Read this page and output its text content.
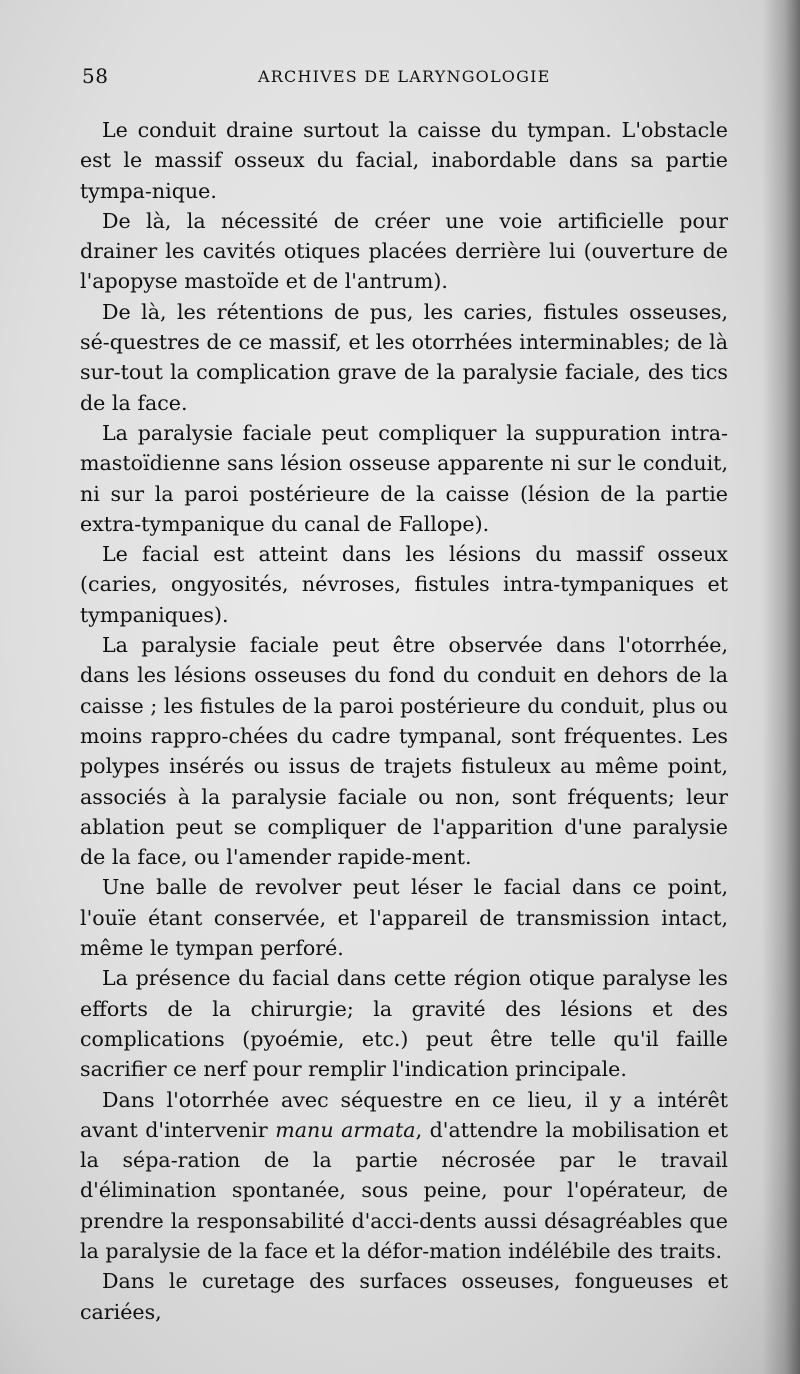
58	ARCHIVES DE LARYNGOLOGIE

Le conduit draine surtout la caisse du tympan. L'obstacle est le massif osseux du facial, inabordable dans sa partie tympa-nique.

De là, la nécessité de créer une voie artificielle pour drainer les cavités otiques placées derrière lui (ouverture de l'apopyse mastoïde et de l'antrum).

De là, les rétentions de pus, les caries, fistules osseuses, sé-questres de ce massif, et les otorrhées interminables; de là sur-tout la complication grave de la paralysie faciale, des tics de la face.

La paralysie faciale peut compliquer la suppuration intra-mastoïdienne sans lésion osseuse apparente ni sur le conduit, ni sur la paroi postérieure de la caisse (lésion de la partie extra-tympanique du canal de Fallope).

Le facial est atteint dans les lésions du massif osseux (caries, ongyosités, névroses, fistules intra-tympaniques et tympaniques).

La paralysie faciale peut être observée dans l'otorrhée, dans les lésions osseuses du fond du conduit en dehors de la caisse ; les fistules de la paroi postérieure du conduit, plus ou moins rappro-chées du cadre tympanal, sont fréquentes. Les polypes insérés ou issus de trajets fistuleux au même point, associés à la paralysie faciale ou non, sont fréquents; leur ablation peut se compliquer de l'apparition d'une paralysie de la face, ou l'amender rapide-ment.

Une balle de revolver peut léser le facial dans ce point, l'ouïe étant conservée, et l'appareil de transmission intact, même le tympan perforé.

La présence du facial dans cette région otique paralyse les efforts de la chirurgie; la gravité des lésions et des complications (pyoémie, etc.) peut être telle qu'il faille sacrifier ce nerf pour remplir l'indication principale.

Dans l'otorrhée avec séquestre en ce lieu, il y a intérêt avant d'intervenir manu armata, d'attendre la mobilisation et la sépa-ration de la partie nécrosée par le travail d'élimination spontanée, sous peine, pour l'opérateur, de prendre la responsabilité d'acci-dents aussi désagréables que la paralysie de la face et la défor-mation indélébile des traits.

Dans le curetage des surfaces osseuses, fongueuses et cariées,
